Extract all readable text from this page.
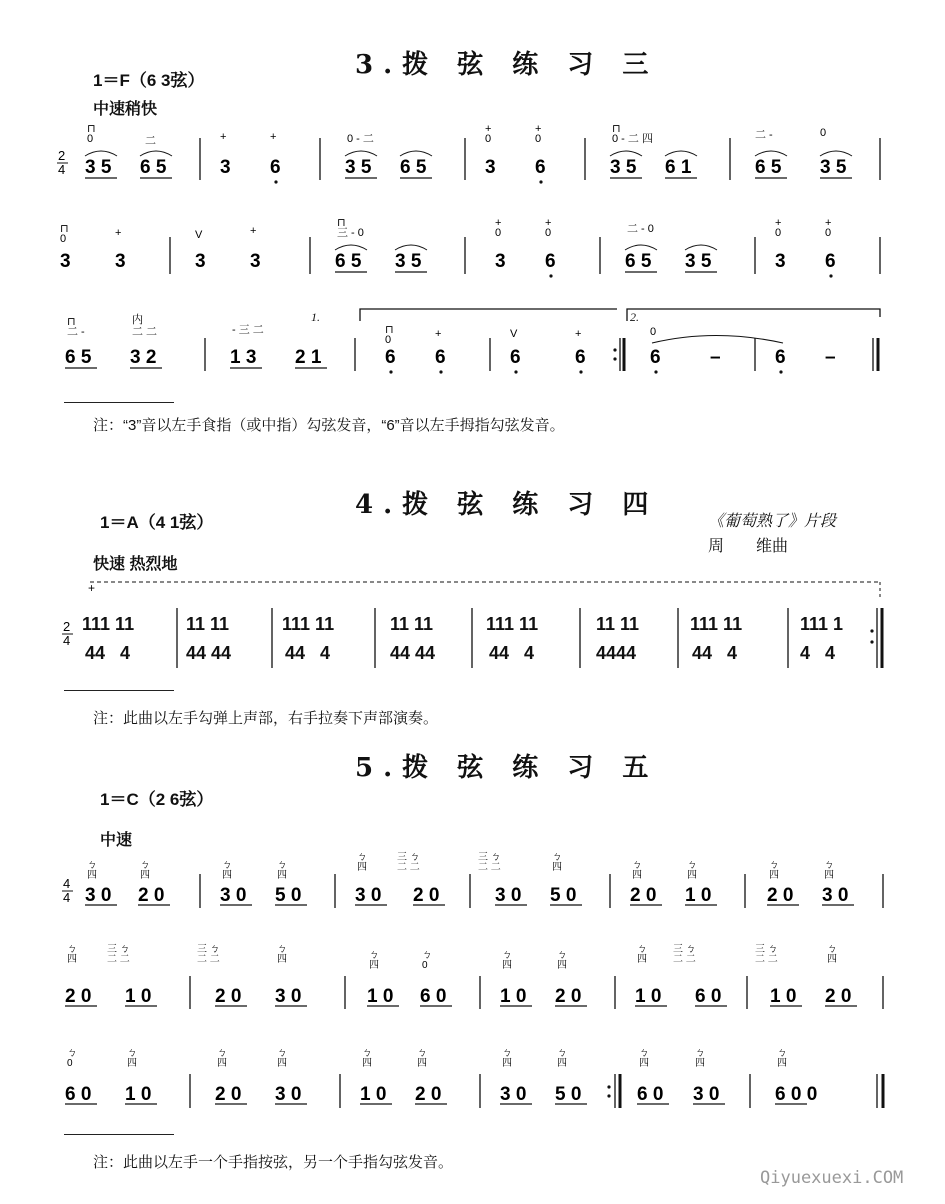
3.拨 弦 练 习 三
1＝F（6 3弦）
中速稍快
2
4 3 5 6 5	3 6	3 5 6 5	3 6	3 5 6 1	6 5 3 5
⊓
0	二	+	+	0 - 二
+
0
+
0
⊓
0 - 二 四	二 -	0
3 3	3 3	6 5 3 5	3 6	6 5 3 5	3 6
⊓
0	+	V	+
⊓
三 - 0
+
0
+
0	二 - 0	+
0
+
0
6 5 3 2	1 3 2 1	6 6	6	6	6	–	6 –
⊓
二 -
内
二 二	- 三 二	⊓
0	+	V	+	0
1.	2.
注：“3”音以左手食指（或中指）勾弦发音，“6”音以左手拇指勾弦发音。
4.拨 弦 练 习 四
1＝A（4 1弦）	《葡萄熟了》片段
周　　维曲
快速 热烈地
+
2
4
111 11	11 11	111 11	11 11	111 11	11 11	111 11	111 1
44   4	44 44	44   4	44 44	44   4	4444	44   4	4   4
注：此曲以左手勾弹上声部，右手拉奏下声部演奏。
5.拨 弦 练 习 五
1＝C（2 6弦）
中速
4
4 3 0 2 0	3 0 5 0	3 0 2 0	3 0 5 0	2 0 1 0	2 0 3 0
ㄅ
四
ㄅ
四
ㄅ
四
ㄅ
四
ㄅ
四
三 ㄅ
二 二
三 ㄅ
二 二
ㄅ
四	ㄅ
四
ㄅ
四
ㄅ
四
ㄅ
四
2 0 1 0	2 0 3 0	1 0 6 0	1 0 2 0	1 0 6 0	1 0 2 0
ㄅ
四
三 ㄅ
二 二
三 ㄅ
二 二
ㄅ
四	ㄅ
四
ㄅ
0
ㄅ
四
ㄅ
四
ㄅ
四
三 ㄅ
二 二
三 ㄅ
二 二
ㄅ
四
6 0 1 0	2 0 3 0	1 0 2 0	3 0 5 0	6 0 3 0	6 0 0
ㄅ
0
ㄅ
四
ㄅ
四
ㄅ
四
ㄅ
四
ㄅ
四
ㄅ
四
ㄅ
四
ㄅ
四
ㄅ
四
ㄅ
四
注：此曲以左手一个手指按弦，另一个手指勾弦发音。
Qiyuexuexi.COM
